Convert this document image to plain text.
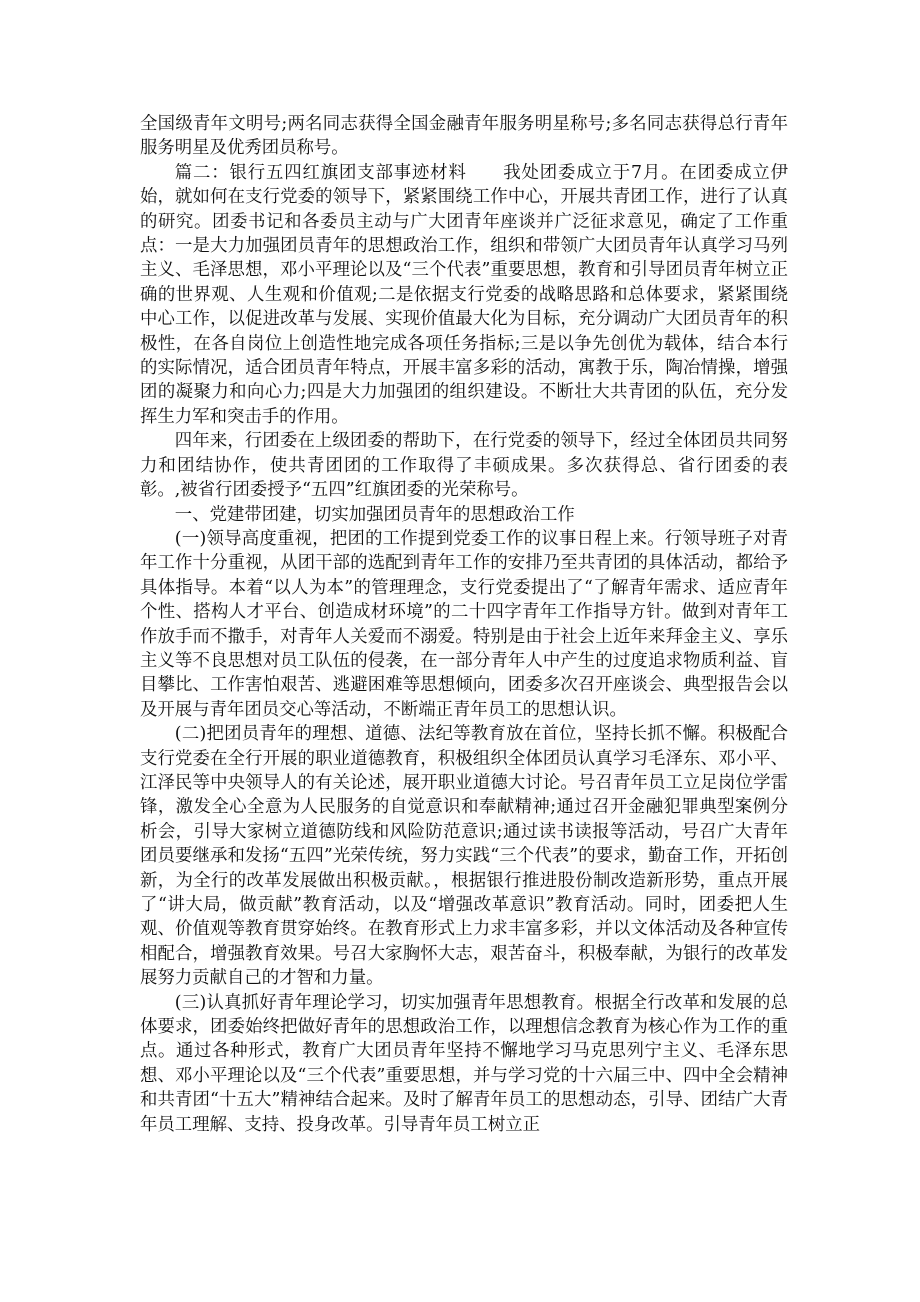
全国级青年文明号;两名同志获得全国金融青年服务明星称号;多名同志获得总行青年服务明星及优秀团员称号。

篇二：银行五四红旗团支部事迹材料　　我处团委成立于7月。在团委成立伊始，就如何在支行党委的领导下，紧紧围绕工作中心，开展共青团工作，进行了认真的研究。团委书记和各委员主动与广大团青年座谈并广泛征求意见，确定了工作重点：一是大力加强团员青年的思想政治工作，组织和带领广大团员青年认真学习马列主义、毛泽思想，邓小平理论以及“三个代表”重要思想，教育和引导团员青年树立正确的世界观、人生观和价值观;二是依据支行党委的战略思路和总体要求，紧紧围绕中心工作，以促进改革与发展、实现价值最大化为目标，充分调动广大团员青年的积极性，在各自岗位上创造性地完成各项任务指标;三是以争先创优为载体，结合本行的实际情况，适合团员青年特点，开展丰富多彩的活动，寓教于乐，陶冶情操，增强团的凝聚力和向心力;四是大力加强团的组织建设。不断壮大共青团的队伍，充分发挥生力军和突击手的作用。

四年来，行团委在上级团委的帮助下，在行党委的领导下，经过全体团员共同努力和团结协作，使共青团团的工作取得了丰硕成果。多次获得总、省行团委的表彰。,被省行团委授予“五四”红旗团委的光荣称号。

一、党建带团建，切实加强团员青年的思想政治工作

(一)领导高度重视，把团的工作提到党委工作的议事日程上来。行领导班子对青年工作十分重视，从团干部的选配到青年工作的安排乃至共青团的具体活动，都给予具体指导。本着“以人为本”的管理理念，支行党委提出了“了解青年需求、适应青年个性、搭构人才平台、创造成材环境”的二十四字青年工作指导方针。做到对青年工作放手而不撒手，对青年人关爱而不溺爱。特别是由于社会上近年来拜金主义、享乐主义等不良思想对员工队伍的侵袭，在一部分青年人中产生的过度追求物质利益、盲目攀比、工作害怕艰苦、逃避困难等思想倾向，团委多次召开座谈会、典型报告会以及开展与青年团员交心等活动，不断端正青年员工的思想认识。

(二)把团员青年的理想、道德、法纪等教育放在首位，坚持长抓不懈。积极配合支行党委在全行开展的职业道德教育，积极组织全体团员认真学习毛泽东、邓小平、江泽民等中央领导人的有关论述，展开职业道德大讨论。号召青年员工立足岗位学雷锋，激发全心全意为人民服务的自觉意识和奉献精神;通过召开金融犯罪典型案例分析会，引导大家树立道德防线和风险防范意识;通过读书读报等活动，号召广大青年团员要继承和发扬“五四”光荣传统，努力实践“三个代表”的要求，勤奋工作，开拓创新，为全行的改革发展做出积极贡献。，根据银行推进股份制改造新形势，重点开展了“讲大局，做贡献”教育活动，以及“增强改革意识”教育活动。同时，团委把人生观、价值观等教育贯穿始终。在教育形式上力求丰富多彩，并以文体活动及各种宣传相配合，增强教育效果。号召大家胸怀大志，艰苦奋斗，积极奉献，为银行的改革发展努力贡献自己的才智和力量。

(三)认真抓好青年理论学习，切实加强青年思想教育。根据全行改革和发展的总体要求，团委始终把做好青年的思想政治工作，以理想信念教育为核心作为工作的重点。通过各种形式，教育广大团员青年坚持不懈地学习马克思列宁主义、毛泽东思想、邓小平理论以及“三个代表”重要思想，并与学习党的十六届三中、四中全会精神和共青团“十五大”精神结合起来。及时了解青年员工的思想动态，引导、团结广大青年员工理解、支持、投身改革。引导青年员工树立正
